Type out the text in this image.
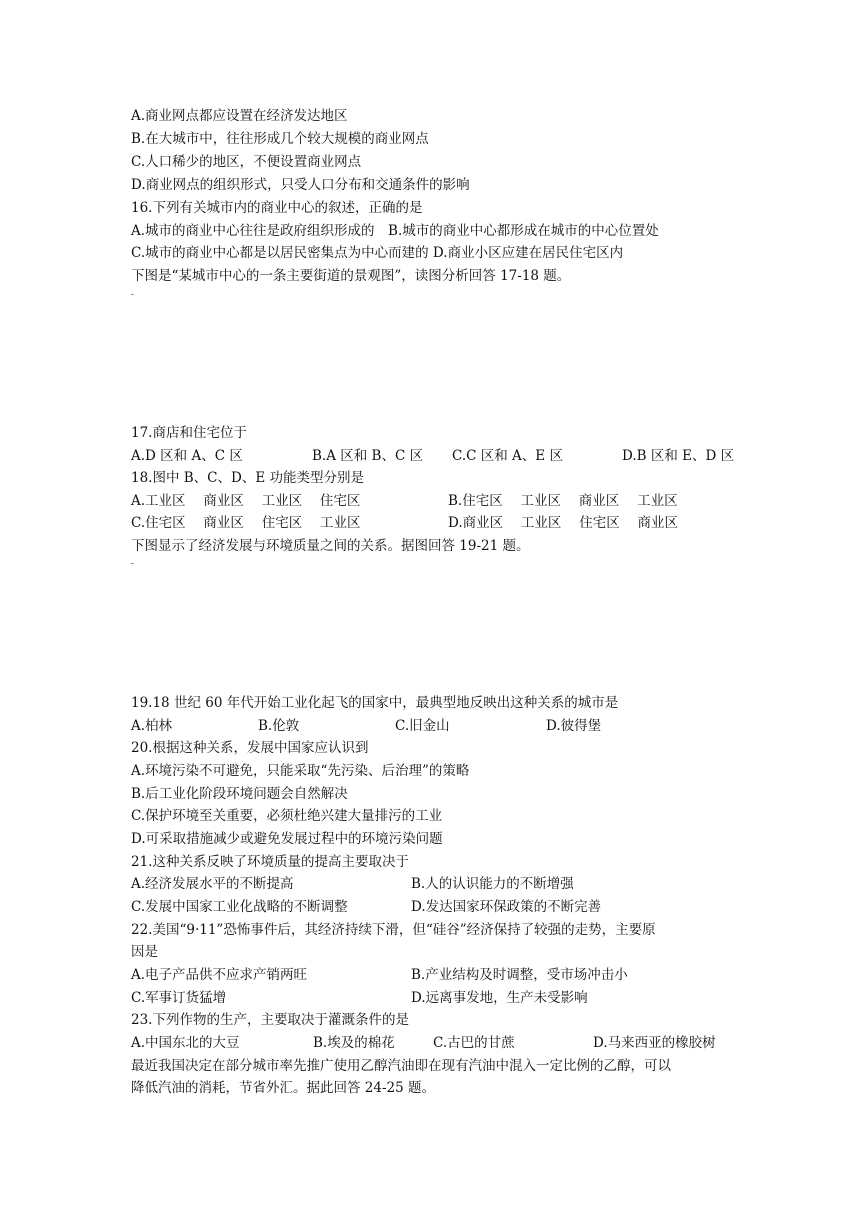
A.商业网点都应设置在经济发达地区
B.在大城市中，往往形成几个较大规模的商业网点
C.人口稀少的地区，不便设置商业网点
D.商业网点的组织形式，只受人口分布和交通条件的影响
16.下列有关城市内的商业中心的叙述，正确的是
A.城市的商业中心往往是政府组织形成的　B.城市的商业中心都形成在城市的中心位置处
C.城市的商业中心都是以居民密集点为中心而建的 D.商业小区应建在居民住宅区内
下图是“某城市中心的一条主要街道的景观图”，读图分析回答 17-18 题。
17.商店和住宅位于
A.D 区和 A、C 区	B.A 区和 B、C 区 C.C 区和 A、E 区	D.B 区和 E、D 区
18.图中 B、C、D、E 功能类型分别是
A.工业区　 商业区　 工业区　 住宅区	B.住宅区　 工业区　 商业区　 工业区
C.住宅区　 商业区　 住宅区　 工业区	D.商业区　 工业区　 住宅区　 商业区
下图显示了经济发展与环境质量之间的关系。据图回答 19-21 题。
19.18 世纪 60 年代开始工业化起飞的国家中，最典型地反映出这种关系的城市是
A.柏林	B.伦敦	C.旧金山	D.彼得堡
20.根据这种关系，发展中国家应认识到
A.环境污染不可避免，只能采取“先污染、后治理”的策略
B.后工业化阶段环境问题会自然解决
C.保护环境至关重要，必须杜绝兴建大量排污的工业
D.可采取措施减少或避免发展过程中的环境污染问题
21.这种关系反映了环境质量的提高主要取决于
A.经济发展水平的不断提高	B.人的认识能力的不断增强
C.发展中国家工业化战略的不断调整	D.发达国家环保政策的不断完善
22.美国“9·11”恐怖事件后，其经济持续下滑，但“硅谷”经济保持了较强的走势，主要原
因是
A.电子产品供不应求产销两旺	B.产业结构及时调整，受市场冲击小
C.军事订货猛增	D.远离事发地，生产未受影响
23.下列作物的生产，主要取决于灌溉条件的是
A.中国东北的大豆	B.埃及的棉花	C.古巴的甘蔗	D.马来西亚的橡胶树
最近我国决定在部分城市率先推广使用乙醇汽油即在现有汽油中混入一定比例的乙醇，可以
降低汽油的消耗，节省外汇。据此回答 24-25 题。
